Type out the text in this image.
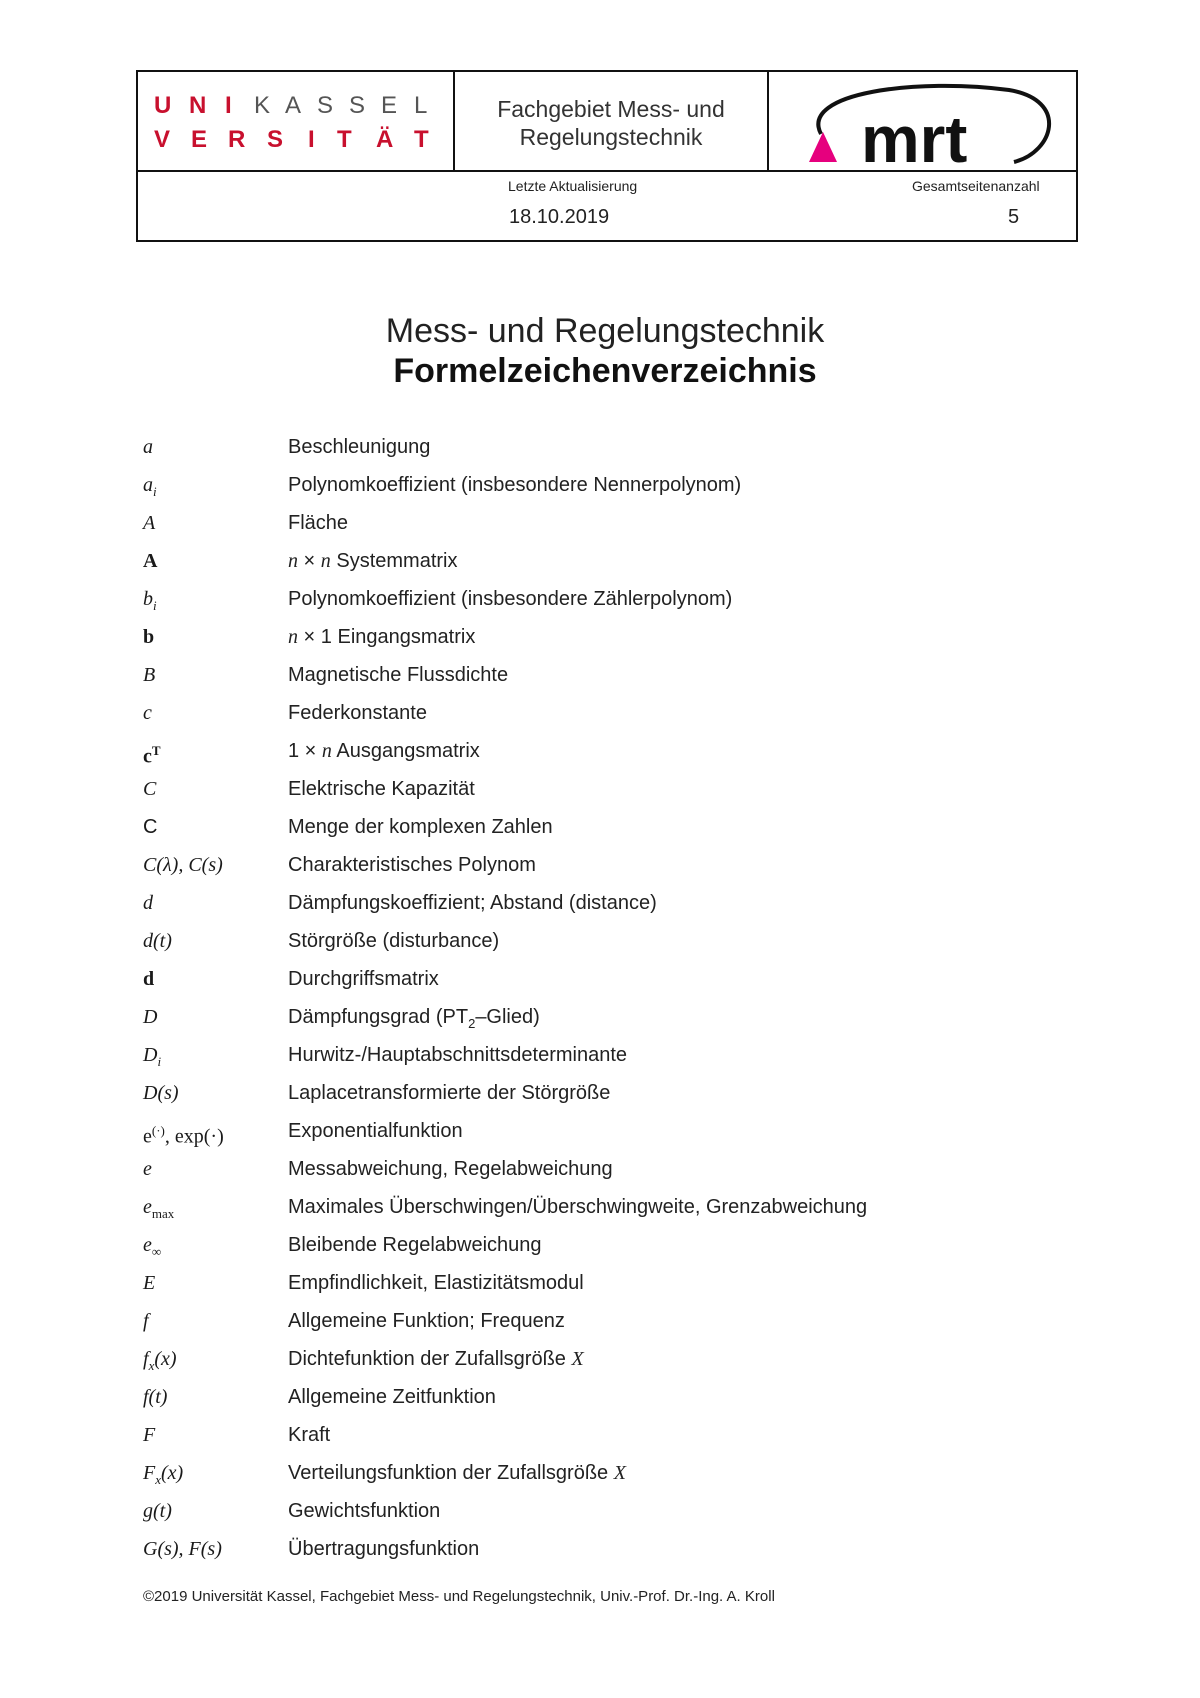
U N I K A S S E L
V E R S I T Ä T
Fachgebiet Mess- und Regelungstechnik	mrt
Letzte Aktualisierung
18.10.2019
Gesamtseitenanzahl
5
Mess- und Regelungstechnik
Formelzeichenverzeichnis
a	Beschleunigung
$a_i$	Polynomkoeffizient (insbesondere Nennerpolynom)
A	Fläche
A	n × n Systemmatrix
$b_i$	Polynomkoeffizient (insbesondere Zählerpolynom)
b	n × 1 Eingangsmatrix
B	Magnetische Flussdichte
c	Federkonstante
$c^T$	1 × n Ausgangsmatrix
C	Elektrische Kapazität
C	Menge der komplexen Zahlen
C(λ), C(s)	Charakteristisches Polynom
d	Dämpfungskoeffizient; Abstand (distance)
d(t)	Störgröße (disturbance)
d	Durchgriffsmatrix
D	Dämpfungsgrad $(PT_2-Glied)$
$D_i$	Hurwitz-/Hauptabschnittsdeterminante
D(s)	Laplacetransformierte der Störgröße
e(·), exp(·)	Exponentialfunktion
e	Messabweichung, Regelabweichung
$e_{max}$	Maximales Überschwingen/Überschwingweite, Grenzabweichung
$e_\infty$	Bleibende Regelabweichung
E	Empfindlichkeit, Elastizitätsmodul
f	Allgemeine Funktion; Frequenz
$f_x(x)$	Dichtefunktion der Zufallsgröße X
f(t)	Allgemeine Zeitfunktion
F	Kraft
$F_x(x)$	Verteilungsfunktion der Zufallsgröße X
g(t)	Gewichtsfunktion
G(s), F(s)	Übertragungsfunktion
©2019 Universität Kassel, Fachgebiet Mess- und Regelungstechnik, Univ.-Prof. Dr.-Ing. A. Kroll
